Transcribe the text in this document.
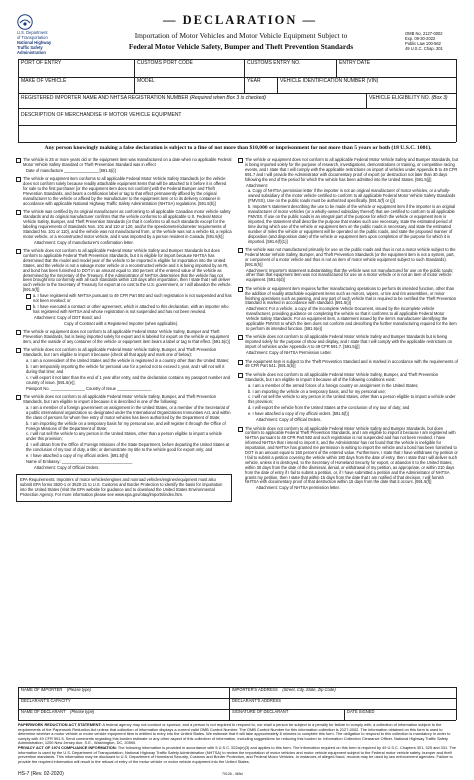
U.S. Department
of Transportation
National Highway
Traffic Safety
Administration
— DECLARATION —
Importation of Motor Vehicles and Motor Vehicle Equipment Subject to
Federal Motor Vehicle Safety, Bumper and Theft Prevention Standards
OMB No. 2127-0002
Exp. 09-30-2022
Public Law 100-562
49 U.S.C. Chap. 301
PORT OF ENTRY	CUSTOMS PORT CODE	CUSTOMS ENTRY NO.	ENTRY DATE
MAKE OF VEHICLE	MODEL	YEAR	VEHICLE IDENTIFICATION NUMBER (VIN)
REGISTERED IMPORTER NAME AND NHTSA REGISTRATION NUMBER (Required when Box 3 is checked)	VEHICLE ELIGIBILITY NO. (Box 3)
DESCRIPTION OF MERCHANDISE IF MOTOR VEHICLE EQUIPMENT
Any person knowingly making a false declaration is subject to a fine of not more than $10,000 or imprisonment for not more than 5 years or both (18 U.S.C. 1001).
The vehicle is 25 or more years old or the equipment item was manufactured on a date when no applicable Federal Motor Vehicle Safety Standard or Theft Prevention Standard was in effect
Date of manufacture _______________ [591.5(i)]
The vehicle or equipment item conforms to all applicable Federal Motor Vehicle Safety Standards (or the vehicle does not conform solely because readily attachable equipment items that will be attached to it before it is offered for sale to the first purchaser [or the equipment item does not conform] with the Federal Bumper and Theft Prevention Standards, and bears a certification label or tag to that effect permanently affixed by the original manufacturer to the vehicle or affixed by the manufacturer to the equipment item or to its delivery container in accordance with applicable National Highway Traffic Safety Administration (NHTSA) regulations. [591.5(b)]
The vehicle was certified by its original manufacturer as conforming to all applicable Canadian motor vehicle safety standards and its original manufacturer confirms that the vehicle conforms to all applicable U.S. Federal Motor Vehicle Safety, Bumper, and Theft Prevention Standards (or that it conforms to all such standards except for the labeling requirements of Standards Nos. 101 and 110 or 120, and/or the speedometer/odometer requirements of Standard No. 101 or 110), and the vehicle was not manufactured from, or the vehicle was not a vehicle kit, a replica motor vehicle, or a reconstructed motor vehicle, and it was imported by a person resident in Canada. [591.5(k)]
Attachment: Copy of manufacturer's confirmation letter.
The vehicle does not conform to all applicable Federal Motor Vehicle Safety and Bumper Standards but does conform to applicable Federal Theft Prevention Standards, but it is eligible for import because NHTSA has determined that the model and model year of the vehicle to be imported is eligible for importation into the United States, and the vehicle is not a salvage motor vehicle or a reconstructed vehicle and it is being imported by an RI, and bond has been furnished to DOT in an amount equal to 150 percent of the entered value of the vehicle as determined by the Secretary of the Treasury. If the Administrator of NHTSA determines that the vehicle has not been brought into conformity with all such standards within 120 days after importation, then I state that I will deliver such vehicle to the Secretary of Treasury for export at no cost to the U.S. government, or I will abandon the vehicle. [591.5(f)]
a. I have registered with NHTSA pursuant to 49 CFR Part 592 and such registration is not suspended and has not been revoked; or
b. I have executed a contract or other agreement, which is attached to this declaration, with an importer who has registered with NHTSA and whose registration is not suspended and has not been revoked.
Attachment: Copy of DOT Bond; and
Copy of Contract with a Registered Importer (when applicable).
The vehicle or equipment does not conform to all applicable Federal Motor Vehicle Safety, Bumper and Theft Prevention Standards, but is being imported solely for export and is labeled for export on the vehicle or equipment item, and the outside of any container of the vehicle or equipment item bears a label or tag to that effect. [591.5(c)]
The vehicle does not conform to all applicable Federal Motor Vehicle Safety, Bumper, and Theft Prevention Standards, but I am eligible to import it because (check all that apply and mark one of below):
a. I am a nonresident of the United States and the vehicle is registered in a country other than the United States;
b. I am temporarily importing the vehicle for personal use for a period not to exceed 1 year, and I will not sell it during that time; and
c. I will export it not later than the end of 1 year after entry, and the declaration contains my passport number and country of issue. [591.5(e)]
Passport No. _______________ Country of Issue _______________
The vehicle does not conform to all applicable Federal Motor Vehicle Safety, Bumper, and Theft Prevention Standards, but I am eligible to import it because it is described in one of the following:
a. I am a member of a foreign government on assignment in the United States, or a member of the Secretariat of a public international organization so designated under the International Organizations Immunities Act, and within the class of persons for whom free entry of motor vehicles has been authorized by the Department of State;
b. I am importing the vehicle on a temporary basis for my personal use, and will register it through the Office of Foreign Missions of the Department of State;
c. I will not sell the vehicle to any person in the United States, other than a person eligible to import a vehicle under this provision;
d. I will obtain from the Office of Foreign Missions of the State Department, before departing the United States at the conclusion of my tour of duty, a title; or demonstrate my title to the vehicle good for export only; and
e. I have attached a copy of my official orders. [591.5(h)]
Name of Embassy: _______________________________
Attachment: Copy of Official Orders.
EPA Requirements: Importers of motor vehicles/engines and nonroad vehicles/engines/equipment must also submit EPA forms 3520-1 or 3520-21 to U.S. Customs and Border Protection to identify the basis for importation into the United States (Visit the EPA website for guidance and to download the United States Environmental Protection Agency. For more information please see www.epa.gov/otaq/imports/index.htm.
The vehicle or equipment does not conform to all applicable Federal Motor Vehicle Safety and Bumper Standards, but is being imported solely for the purpose of research, investigations, demonstrations or training, or competitive racing events, and I state that I will comply with the applicable restrictions on import of vehicles under Appendix B to 49 CFR 591.7 and I will provide the Administrator with documentary proof of export (or destruction not later than 30 days following the end of the period for which the vehicle has been admitted into the United States. [591.5(j)]
Attachment:
a. Copy of NHTSA permission letter if the importer is not an original manufacturer of motor vehicles, or a wholly-owned subsidiary of the motor vehicle certified to conform to all applicable Federal Motor Vehicle Safety Standards (FMVSS). Use on the public roads must be authorized specifically. [591.5(f) or (j)]
b. Importer's statement describing the use to be made of the vehicle or equipment item if the importer is an original manufacturer of motor vehicles (or a wholly-owned subsidiary thereof) that are certified to conform to all applicable FMVSS. If use on the public roads is an integral part of the purpose for which the vehicle or equipment item is imported, the statement shall describe the purpose that makes such use necessary, state the estimated period of time during which use of the vehicle or equipment item on the public roads is necessary, and state the estimated number of miles the vehicle or equipment will be operated on the public roads, and state the proposed manner of disposition (and disposition date) of the vehicle or equipment item upon completion of the purpose for which it is imported. [591.6(f)(1)]
The vehicle was not manufactured primarily for use on the public roads and thus is not a motor vehicle subject to the Federal Motor Vehicle Safety, Bumper, and Theft Prevention Standards (or the equipment item is not a system, part, or component of a motor vehicle and thus is not an item of motor vehicle equipment subject to such Standards). [591.5(h)]
Attachment: Importer's statement substantiating that the vehicle was not manufactured for use on the public roads; other than that equipment item was not manufactured for use on a motor vehicle or is not an item of motor vehicle equipment. [591.6(d)]
The vehicle or equipment item requires further manufacturing operations to perform its intended function, other than the addition of readily attachable equipment items such as mirrors, wipers, or tire and rim assemblies, or minor finishing operations such as painting, and any part of such vehicle that is required to be certified the Theft Prevention Standard is marked in accordance with standard. [591.5(i)]
Attachment: For a vehicle, a copy of the incomplete Vehicle Document, issued by the incomplete vehicle manufacturer, providing guidance on completing the vehicle so that it conforms to all applicable Federal Motor Vehicle Safety Standards. For an equipment item, a statement issued by the item's manufacturer identifying the applicable FMVSS to which the item does not conform and describing the further manufacturing required for the item to perform its intended function. [591.6(e)]
The vehicle does not conform to all applicable Federal Motor Vehicle Safety and Bumper Standards but is being imported solely for the purpose of show and display, and I state that I will comply with the applicable restrictions on import of vehicles under Appendix A to 49 CFR 591.7. [591.5(j)]
Attachment: Copy of NHTSA Permission Letter.
The equipment item is subject to the Theft Prevention Standard and is marked in accordance with the requirements of 49 CFR Part 541. [591.5(b)]
The vehicle does not conform to all applicable Federal Motor Vehicle Safety, Bumper, and Theft Prevention Standards, but I am eligible to import it because all of the following conditions exist:
a. I am a member of the armed forces of a foreign country on assignment in the United States;
b. I am importing the vehicle on a temporary basis, and for my personal use;
c. I will not sell the vehicle to any person in the United States, other than a person eligible to import a vehicle under this provision;
d. I will export the vehicle from the United States at the conclusion of my tour of duty; and
e. I have attached a copy of my official orders. [591.5(l)]
Attachment: Copy of Official Orders.
The vehicle does not conform to all applicable Federal Motor Vehicle Safety and Bumper Standards, but does conform to applicable Federal Theft Prevention Standards, and I am eligible to import it because I am registered with NHTSA pursuant to 49 CFR Part 592 and such registration is not suspended and has not been revoked. I have informed NHTSA that I intend to import it, and the Administrator has not found that the vehicle is ineligible for importation, and NHTSA has granted me permission in writing to import the vehicle and a bond has been furnished to DOT in an amount equal to 150 percent of the entered value. Furthermore, I state that I have withdrawn my petition or I fail to submit a petition covering the vehicle within 180 days from the date of entry, then I state that I will deliver such vehicle, unless it is destroyed, to the Secretary of Homeland Security for export, or abandon it to the United States, within 30 days from the date of the dismissal, denial, or withdrawal of my petition, as appropriate, or within 210 days from the date of entry if I fail to submit a petition, or, if I have submitted a petition and the Administrator of NHTSA grants my petition, then I state that within 15 days from the date that I am notified of that decision, I will furnish NHTSA with documentary proof of that destruction within 15 days from the date that it occurs. [591.5(f)]
Attachment: Copy of NHTSA permission letter.
NAME OF IMPORTER (Please type)	IMPORTER'S ADDRESS (Street, City, State, Zip Code)
DECLARANT'S ADDRESS
NAME OF DECLARANT (Please type)
DECLARANT'S CAPACITY
SIGNATURE OF DECLARANT	DATE SIGNED
PAPERWORK REDUCTION ACT STATEMENT: A federal agency may not conduct or sponsor, and a person is not required to respond to, nor shall a person be subject to a penalty for failure to comply with, a collection of information subject to the requirements of the Paperwork Reduction Act unless that collection of information displays a current valid OMB Control Number. The OMB Control Number for this information collection is 2127-0002. The information obtained on this form is used to determine whether a motor vehicle or motor vehicle equipment item is entitled to entry into the United States. We estimate that it will take approximately 8 minutes to complete this form. The obligation to respond to this collection is mandatory in order to comply with 49 CFR 591.5. Send comments regarding this burden estimate or any other aspect of this collection of information, including suggestions for reducing this burden to: Information Collection Clearance Officer, National Highway Traffic Safety Administration, 1200 New Jersey Ave, S.E., Washington, DC, 20590.
PRIVACY ACT OF 1974 COMPLIANCE INFORMATION: The following information is provided in accordance with 5 U.S.C. 522a(e)(3) and applies to this form. The information required on this form is required by 49 U.S.C. Chapters 301, 325 and 331. The information is used by the U.S. Department of Transportation, National Highway Traffic Safety Administration (NHTSA) to review the importation of motor vehicles and motor vehicle equipment subject to the Federal motor vehicle safety, bumper and theft prevention standards. This information may be disclosed to U.S. Department of Homeland Security, Customs and Border Protection, and Federal Motor Vehicles. In instances of alleged fraud, records may be used by law enforcement agencies. Failure to provide the required information will result in the refusal of entry of the motor vehicle or motor vehicle equipment into the United States.
HS-7 (Rev. 02-2020)	70126 - 469d
